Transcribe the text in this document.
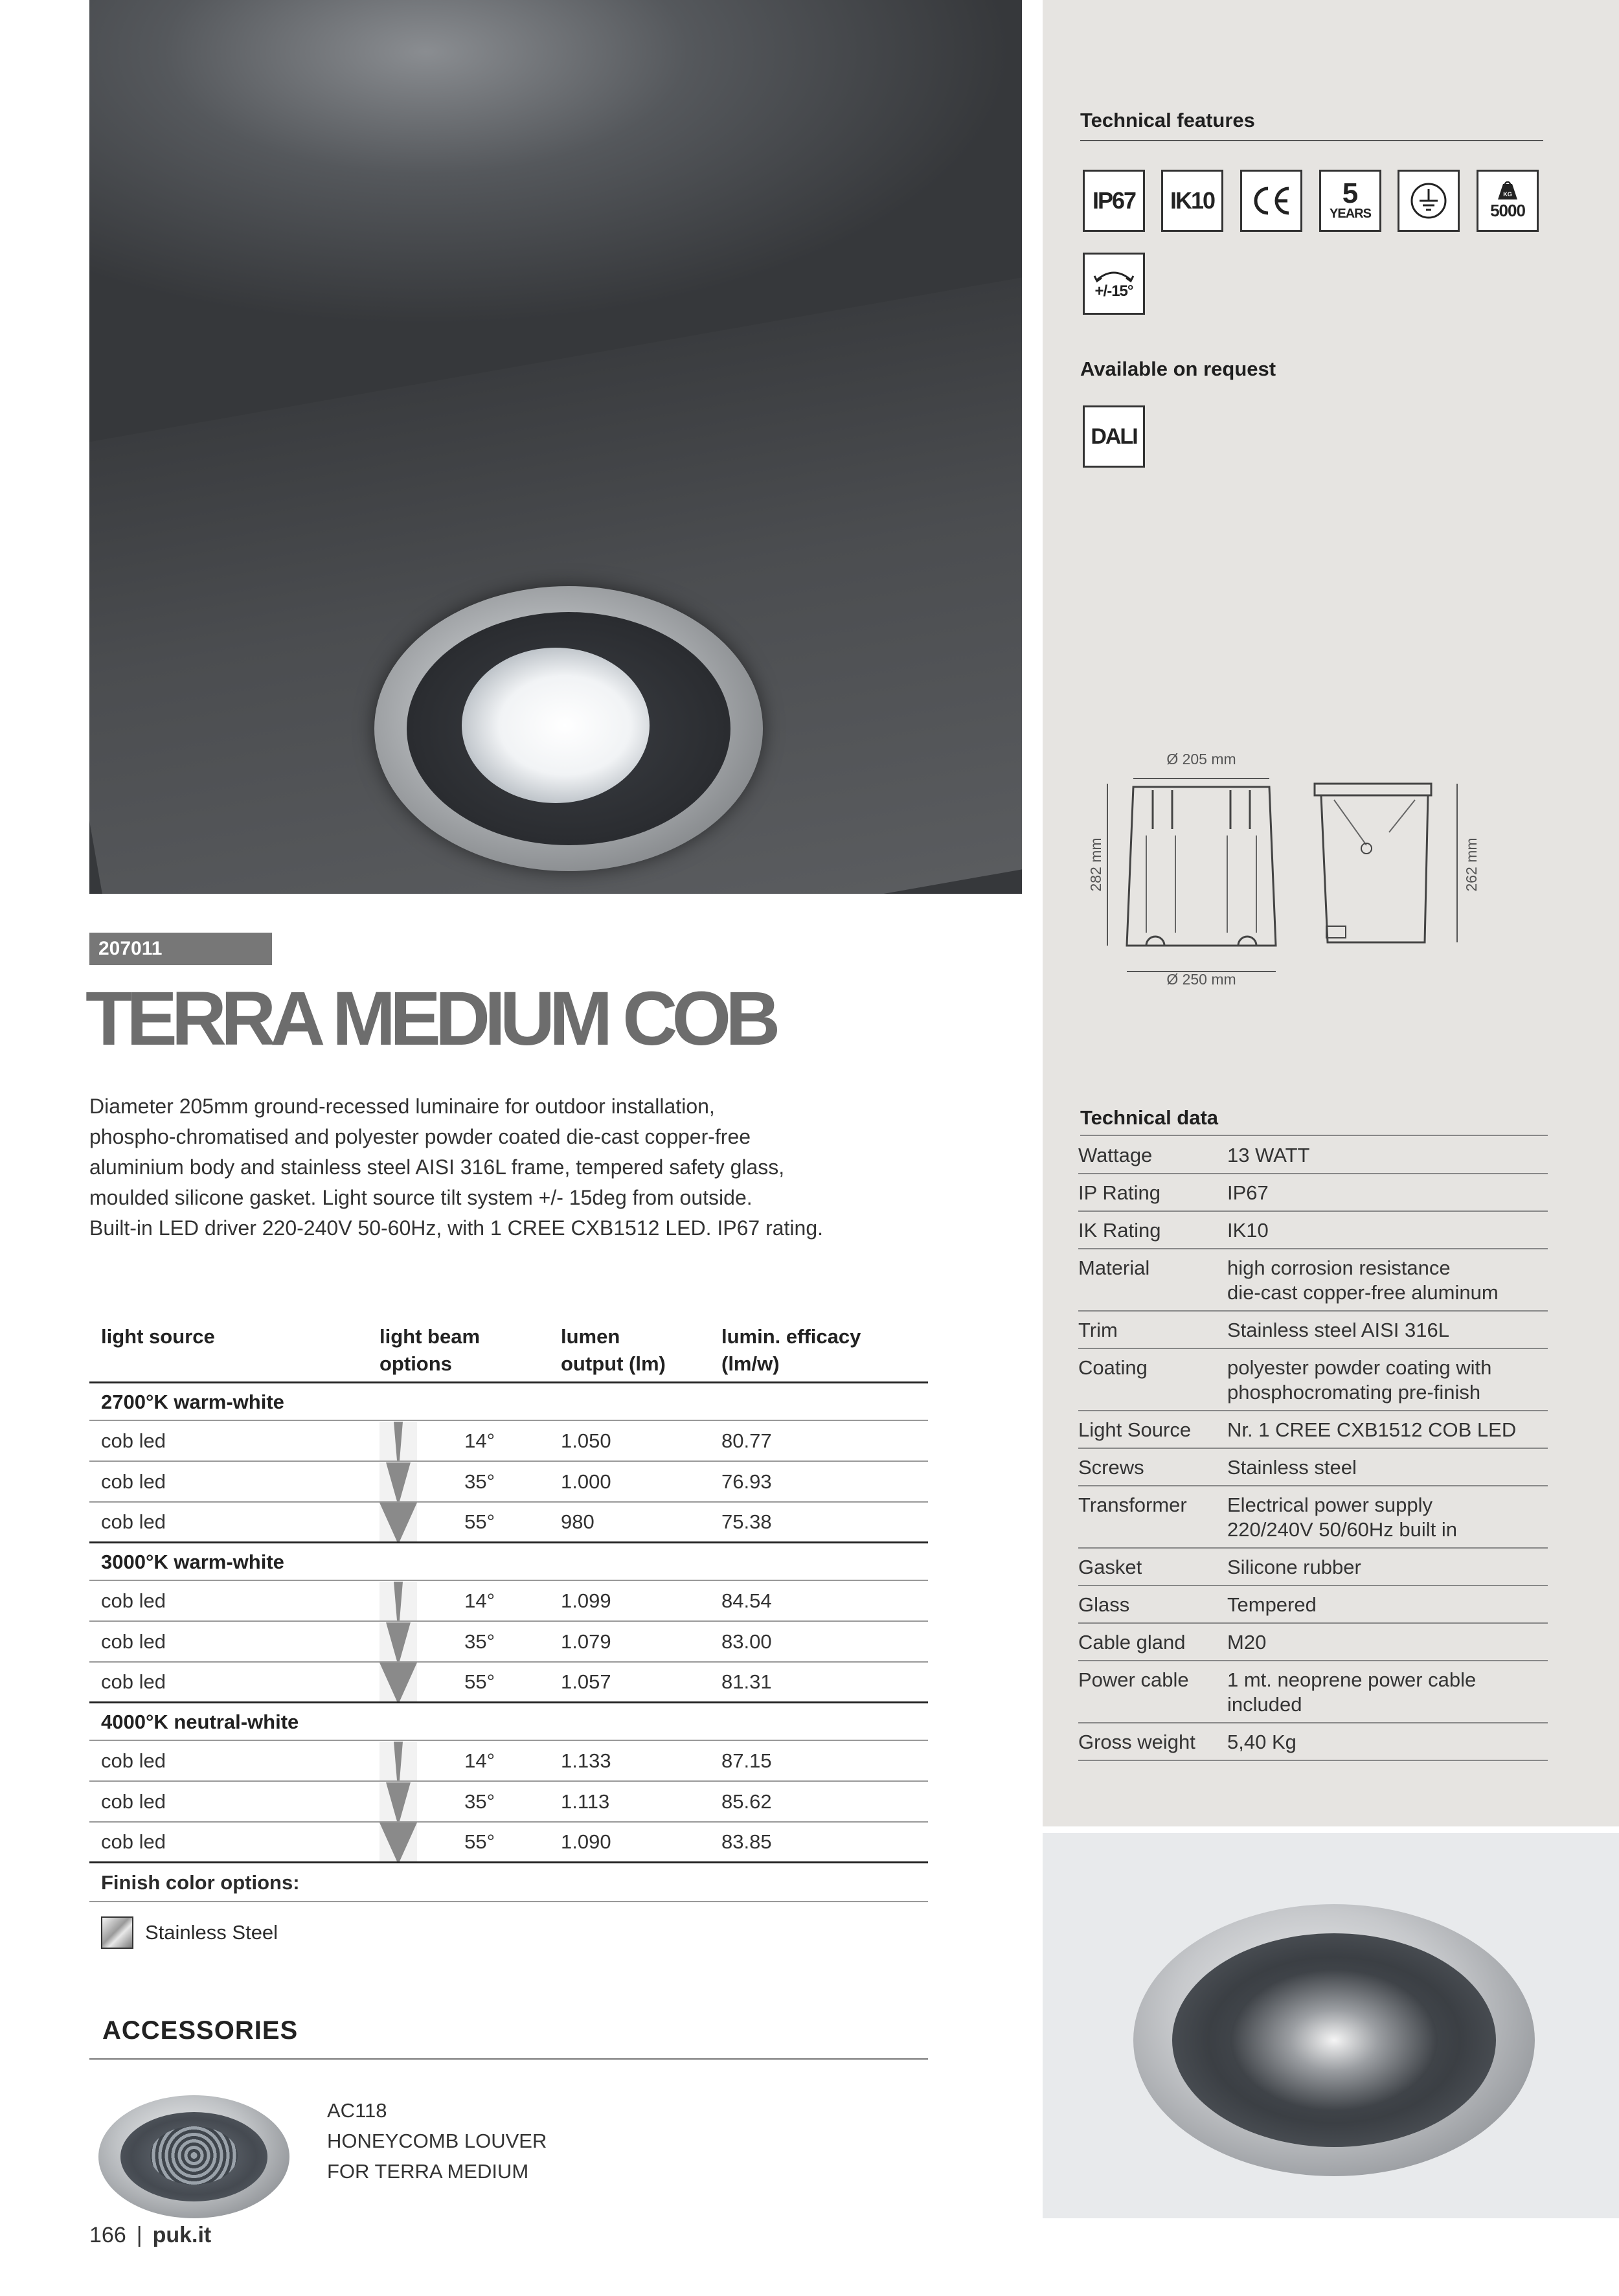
Technical features
IP67 IK10	5
YEARS
KG
5000
+/-15°
Available on request
DALI
Ø 205 mm
Ø 250 mm
282 mm	262 mm
Technical data
Wattage	13 WATT
IP Rating	IP67
IK Rating	IK10
Material	high corrosion resistance
die-cast copper-free aluminum
Trim	Stainless steel AISI 316L
Coating	polyester powder coating with
phosphocromating pre-finish
Light Source	Nr. 1 CREE CXB1512 COB LED
Screws	Stainless steel
Transformer	Electrical power supply
220/240V 50/60Hz built in
Gasket	Silicone rubber
Glass	Tempered
Cable gland	M20
Power cable	1 mt. neoprene power cable
included
Gross weight	5,40 Kg
207011
TERRA MEDIUM COB

Diameter 205mm ground-recessed luminaire for outdoor installation,

phospho-chromatised and polyester powder coated die-cast copper-free

aluminium body and stainless steel AISI 316L frame, tempered safety glass,

moulded silicone gasket. Light source tilt system +/- 15deg from outside.

Built-in LED driver 220-240V 50-60Hz, with 1 CREE CXB1512 LED. IP67 rating.

light source	light beam
options
lumen
output (lm)
lumin. efficacy
(lm/w)
2700°K warm-white
cob led	14°	1.050	80.77
cob led	35°	1.000	76.93
cob led	55°	980	75.38
3000°K warm-white
cob led	14°	1.099	84.54
cob led	35°	1.079	83.00
cob led	55°	1.057	81.31
4000°K neutral-white
cob led	14°	1.133	87.15
cob led	35°	1.113	85.62
cob led	55°	1.090	83.85
Finish color options:
Stainless Steel
ACCESSORIES
AC118
HONEYCOMB LOUVER
FOR TERRA MEDIUM
166 | puk.it
